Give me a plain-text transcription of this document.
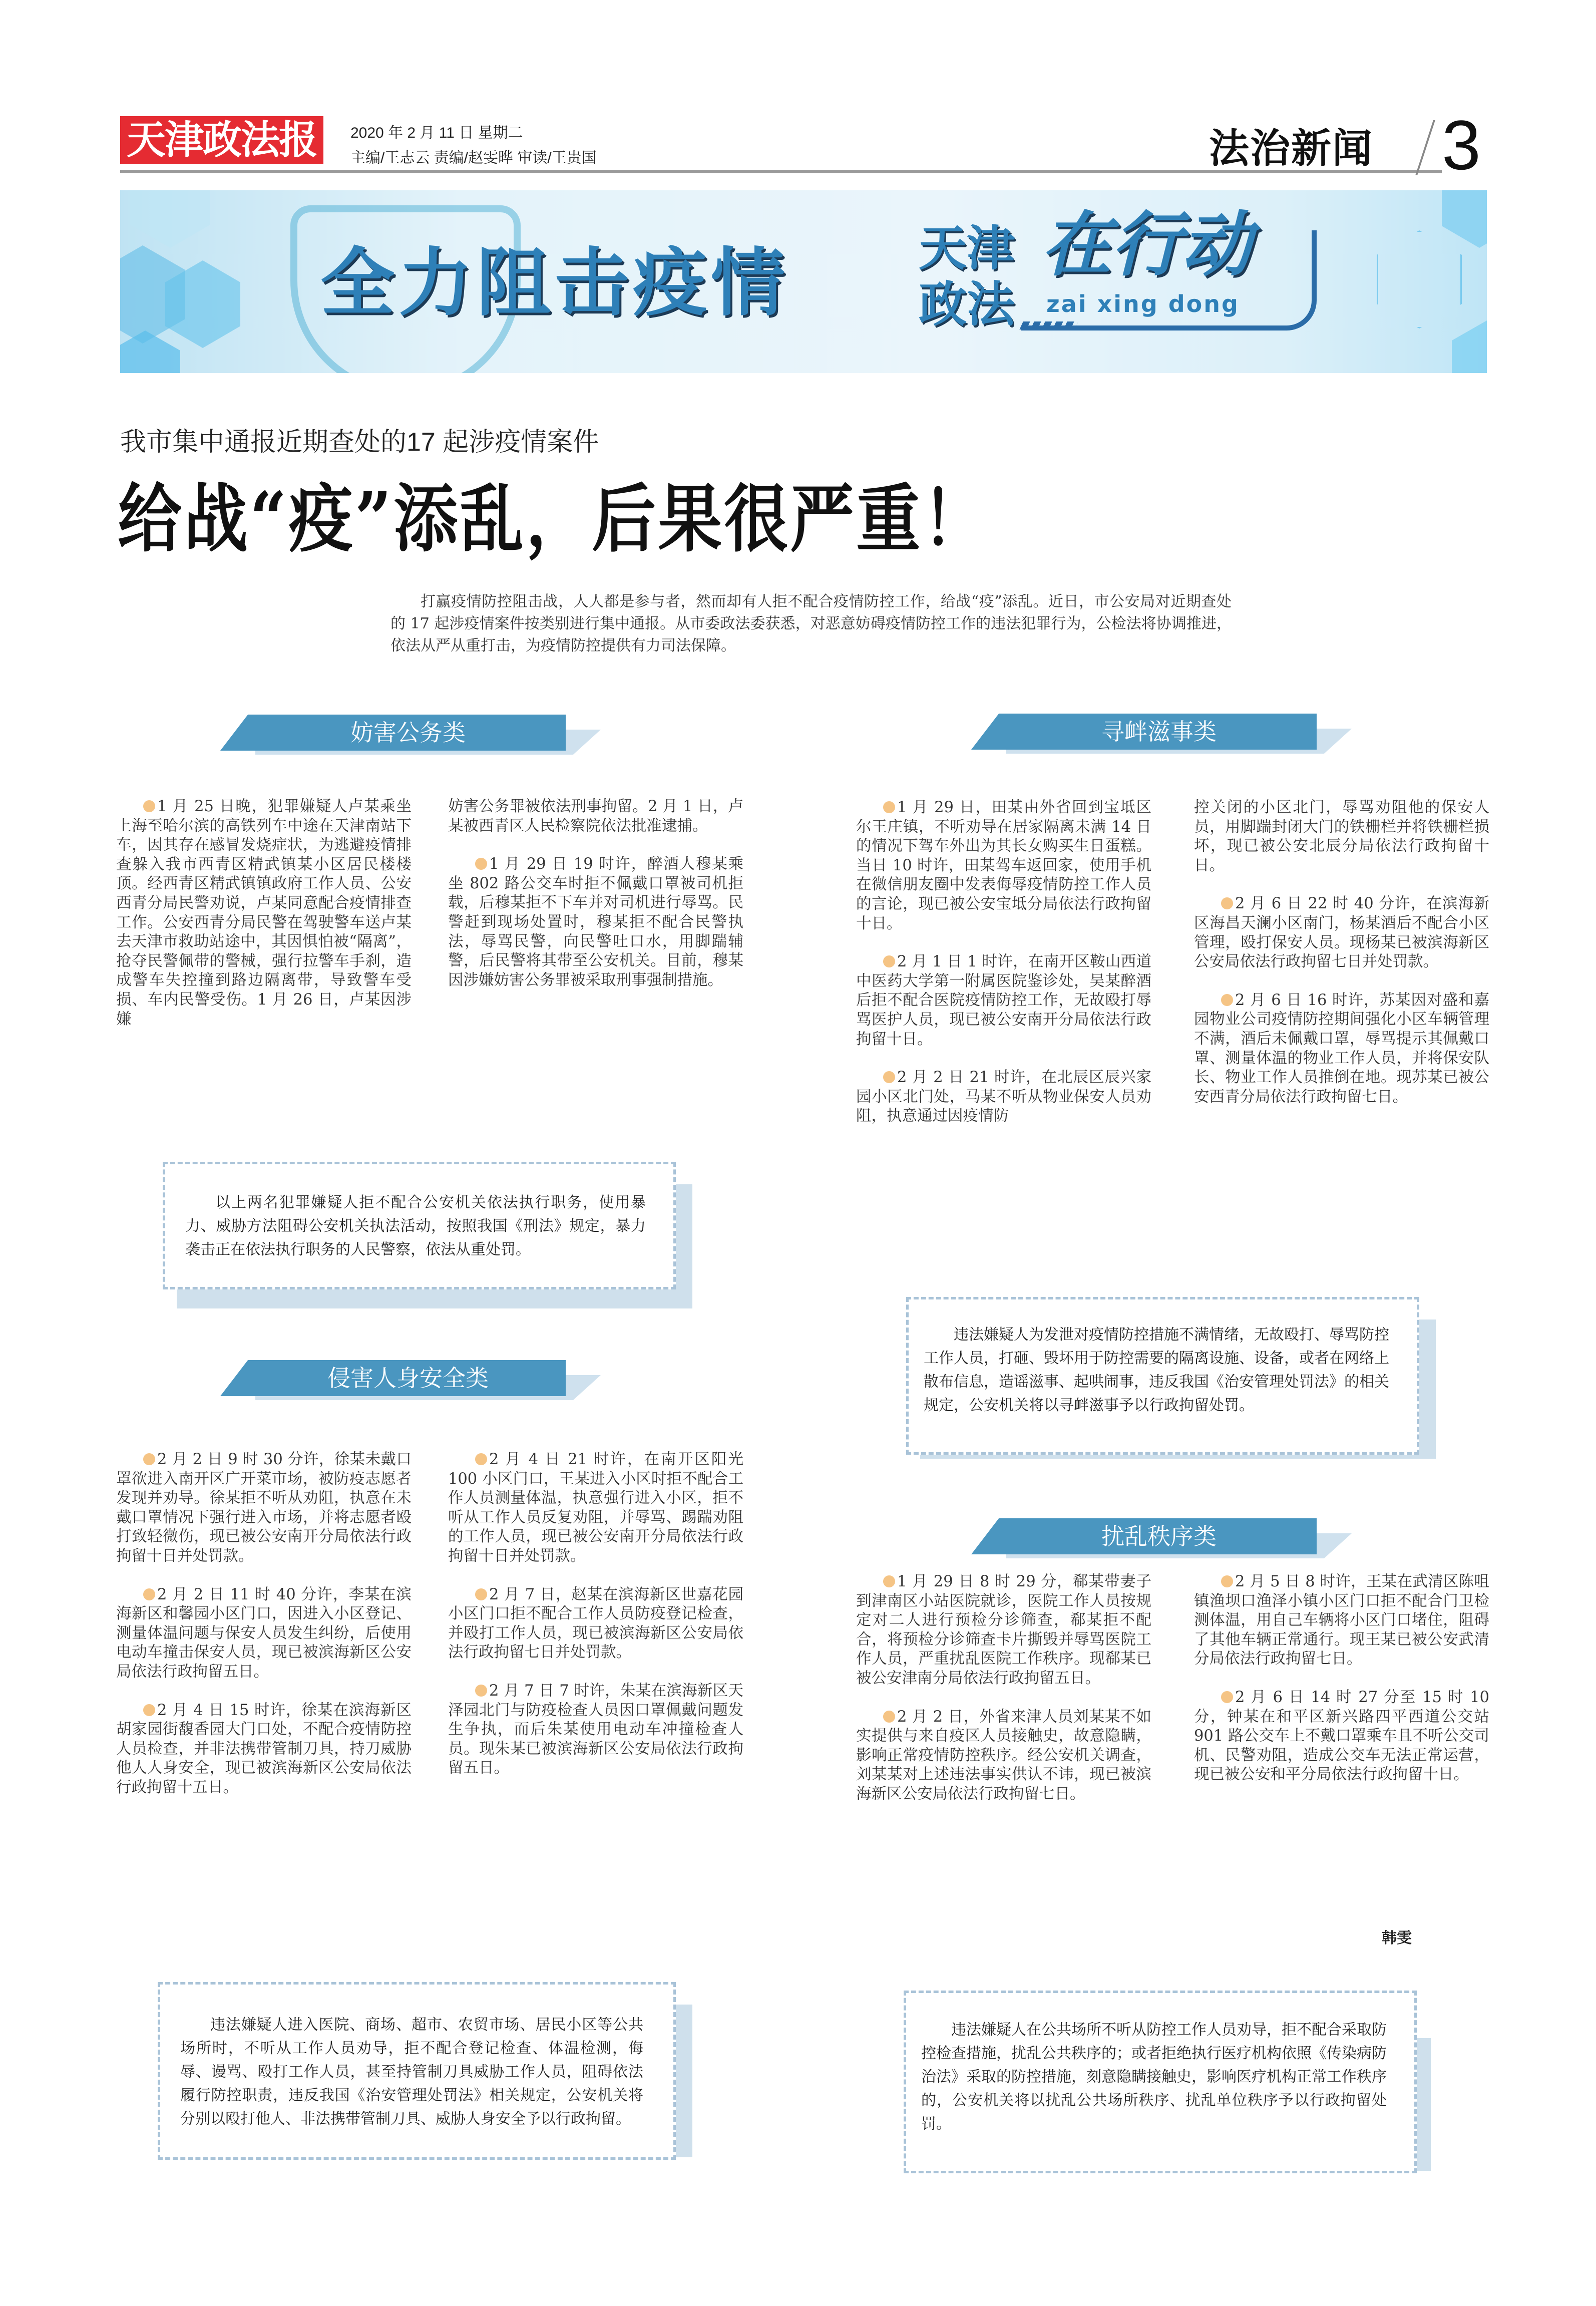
天津政法报	2020 年 2 月 11 日 星期二
主编/王志云 责编/赵雯晔 审读/王贵国	法治新闻 3
全力阻击疫情	天津
政法
在行动
zai xing dong
我市集中通报近期查处的17 起涉疫情案件
给战“疫”添乱，后果很严重！
打赢疫情防控阻击战，人人都是参与者，然而却有人拒不配合疫情防控工作，给战“疫”添乱。近日，市公安局对近期查处的 17 起涉疫情案件按类别进行集中通报。从市委政法委获悉，对恶意妨碍疫情防控工作的违法犯罪行为，公检法将协调推进，依法从严从重打击，为疫情防控提供有力司法保障。
妨害公务类

1 月 25 日晚，犯罪嫌疑人卢某乘坐上海至哈尔滨的高铁列车中途在天津南站下车，因其存在感冒发烧症状，为逃避疫情排查躲入我市西青区精武镇某小区居民楼楼顶。经西青区精武镇镇政府工作人员、公安西青分局民警劝说，卢某同意配合疫情排查工作。公安西青分局民警在驾驶警车送卢某去天津市救助站途中，其因惧怕被“隔离”，抢夺民警佩带的警械，强行拉警车手刹，造成警车失控撞到路边隔离带，导致警车受损、车内民警受伤。1 月 26 日，卢某因涉嫌

妨害公务罪被依法刑事拘留。2 月 1 日，卢某被西青区人民检察院依法批准逮捕。

1 月 29 日 19 时许，醉酒人穆某乘坐 802 路公交车时拒不佩戴口罩被司机拒载，后穆某拒不下车并对司机进行辱骂。民警赶到现场处置时，穆某拒不配合民警执法，辱骂民警，向民警吐口水，用脚踹辅警，后民警将其带至公安机关。目前，穆某因涉嫌妨害公务罪被采取刑事强制措施。

以上两名犯罪嫌疑人拒不配合公安机关依法执行职务，使用暴力、威胁方法阻碍公安机关执法活动，按照我国《刑法》规定，暴力袭击正在依法执行职务的人民警察，依法从重处罚。
寻衅滋事类

1 月 29 日，田某由外省回到宝坻区尔王庄镇，不听劝导在居家隔离未满 14 日的情况下驾车外出为其长女购买生日蛋糕。当日 10 时许，田某驾车返回家，使用手机在微信朋友圈中发表侮辱疫情防控工作人员的言论，现已被公安宝坻分局依法行政拘留十日。

2 月 1 日 1 时许，在南开区鞍山西道中医药大学第一附属医院鉴诊处，吴某醉酒后拒不配合医院疫情防控工作，无故殴打辱骂医护人员，现已被公安南开分局依法行政拘留十日。

2 月 2 日 21 时许，在北辰区辰兴家园小区北门处，马某不听从物业保安人员劝阻，执意通过因疫情防

控关闭的小区北门，辱骂劝阻他的保安人员，用脚踹封闭大门的铁栅栏并将铁栅栏损坏，现已被公安北辰分局依法行政拘留十日。

2 月 6 日 22 时 40 分许，在滨海新区海昌天澜小区南门，杨某酒后不配合小区管理，殴打保安人员。现杨某已被滨海新区公安局依法行政拘留七日并处罚款。

2 月 6 日 16 时许，苏某因对盛和嘉园物业公司疫情防控期间强化小区车辆管理不满，酒后未佩戴口罩，辱骂提示其佩戴口罩、测量体温的物业工作人员，并将保安队长、物业工作人员推倒在地。现苏某已被公安西青分局依法行政拘留七日。

违法嫌疑人为发泄对疫情防控措施不满情绪，无故殴打、辱骂防控工作人员，打砸、毁坏用于防控需要的隔离设施、设备，或者在网络上散布信息，造谣滋事、起哄闹事，违反我国《治安管理处罚法》的相关规定，公安机关将以寻衅滋事予以行政拘留处罚。
侵害人身安全类

2 月 2 日 9 时 30 分许，徐某未戴口罩欲进入南开区广开菜市场，被防疫志愿者发现并劝导。徐某拒不听从劝阻，执意在未戴口罩情况下强行进入市场，并将志愿者殴打致轻微伤，现已被公安南开分局依法行政拘留十日并处罚款。

2 月 2 日 11 时 40 分许，李某在滨海新区和馨园小区门口，因进入小区登记、测量体温问题与保安人员发生纠纷，后使用电动车撞击保安人员，现已被滨海新区公安局依法行政拘留五日。

2 月 4 日 15 时许，徐某在滨海新区胡家园街馥香园大门口处，不配合疫情防控人员检查，并非法携带管制刀具，持刀威胁他人人身安全，现已被滨海新区公安局依法行政拘留十五日。

2 月 4 日 21 时许，在南开区阳光 100 小区门口，王某进入小区时拒不配合工作人员测量体温，执意强行进入小区，拒不听从工作人员反复劝阻，并辱骂、踢踹劝阻的工作人员，现已被公安南开分局依法行政拘留十日并处罚款。

2 月 7 日，赵某在滨海新区世嘉花园小区门口拒不配合工作人员防疫登记检查，并殴打工作人员，现已被滨海新区公安局依法行政拘留七日并处罚款。

2 月 7 日 7 时许，朱某在滨海新区天泽园北门与防疫检查人员因口罩佩戴问题发生争执，而后朱某使用电动车冲撞检查人员。现朱某已被滨海新区公安局依法行政拘留五日。

违法嫌疑人进入医院、商场、超市、农贸市场、居民小区等公共场所时，不听从工作人员劝导，拒不配合登记检查、体温检测，侮辱、谩骂、殴打工作人员，甚至持管制刀具威胁工作人员，阻碍依法履行防控职责，违反我国《治安管理处罚法》相关规定，公安机关将分别以殴打他人、非法携带管制刀具、威胁人身安全予以行政拘留。
扰乱秩序类

1 月 29 日 8 时 29 分，郗某带妻子到津南区小站医院就诊，医院工作人员按规定对二人进行预检分诊筛查，郗某拒不配合，将预检分诊筛查卡片撕毁并辱骂医院工作人员，严重扰乱医院工作秩序。现郗某已被公安津南分局依法行政拘留五日。

2 月 2 日，外省来津人员刘某某不如实提供与来自疫区人员接触史，故意隐瞒，影响正常疫情防控秩序。经公安机关调查，刘某某对上述违法事实供认不讳，现已被滨海新区公安局依法行政拘留七日。

2 月 5 日 8 时许，王某在武清区陈咀镇渔坝口渔泽小镇小区门口拒不配合门卫检测体温，用自己车辆将小区门口堵住，阻碍了其他车辆正常通行。现王某已被公安武清分局依法行政拘留七日。

2 月 6 日 14 时 27 分至 15 时 10 分，钟某在和平区新兴路四平西道公交站 901 路公交车上不戴口罩乘车且不听公交司机、民警劝阻，造成公交车无法正常运营，现已被公安和平分局依法行政拘留十日。

韩雯
违法嫌疑人在公共场所不听从防控工作人员劝导，拒不配合采取防控检查措施，扰乱公共秩序的；或者拒绝执行医疗机构依照《传染病防治法》采取的防控措施，刻意隐瞒接触史，影响医疗机构正常工作秩序的，公安机关将以扰乱公共场所秩序、扰乱单位秩序予以行政拘留处罚。
